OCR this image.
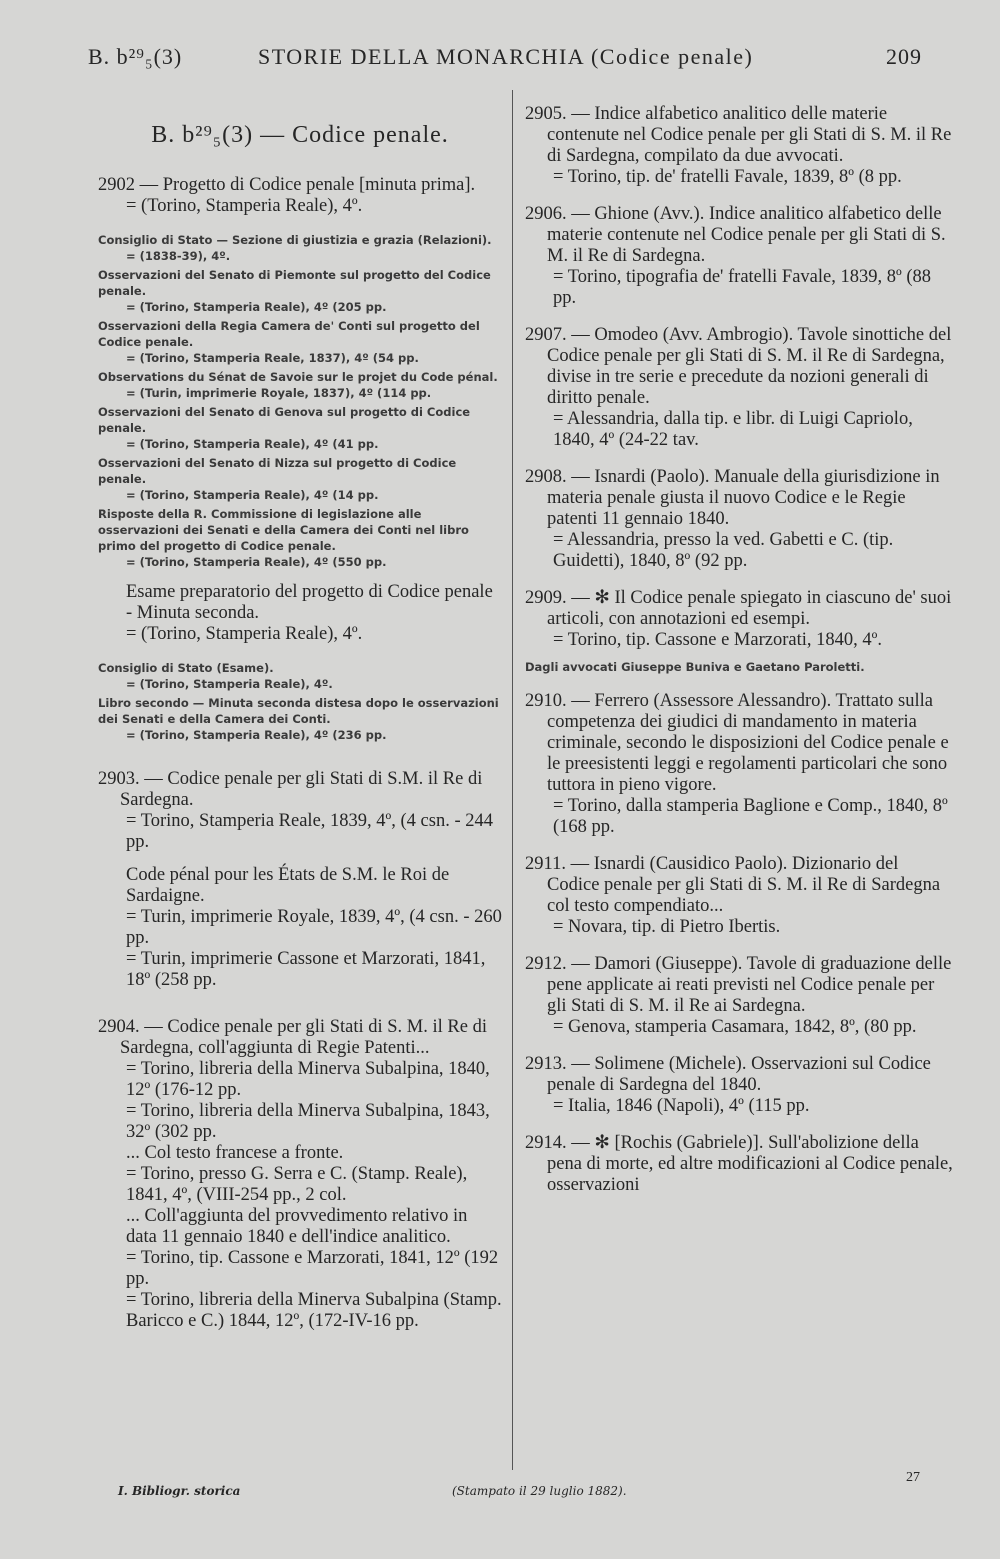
B. b²⁹₅(3)	STORIE DELLA MONARCHIA (Codice penale)	209
B. b²⁹₅(3) — Codice penale.

2902 — Progetto di Codice penale [minuta prima].

= (Torino, Stamperia Reale), 4º.

Consiglio di Stato — Sezione di giustizia e grazia (Relazioni).

= (1838-39), 4º.

Osservazioni del Senato di Piemonte sul progetto del Codice penale.

= (Torino, Stamperia Reale), 4º (205 pp.

Osservazioni della Regia Camera de' Conti sul progetto del Codice penale.

= (Torino, Stamperia Reale, 1837), 4º (54 pp.

Observations du Sénat de Savoie sur le projet du Code pénal.

= (Turin, imprimerie Royale, 1837), 4º (114 pp.

Osservazioni del Senato di Genova sul progetto di Codice penale.

= (Torino, Stamperia Reale), 4º (41 pp.

Osservazioni del Senato di Nizza sul progetto di Codice penale.

= (Torino, Stamperia Reale), 4º (14 pp.

Risposte della R. Commissione di legislazione alle osservazioni dei Senati e della Camera dei Conti nel libro primo del progetto di Codice penale.

= (Torino, Stamperia Reale), 4º (550 pp.

Esame preparatorio del progetto di Codice penale - Minuta seconda.

= (Torino, Stamperia Reale), 4º.

Consiglio di Stato (Esame).

= (Torino, Stamperia Reale), 4º.

Libro secondo — Minuta seconda distesa dopo le osservazioni dei Senati e della Camera dei Conti.

= (Torino, Stamperia Reale), 4º (236 pp.

2903. — Codice penale per gli Stati di S.M. il Re di Sardegna.

= Torino, Stamperia Reale, 1839, 4º, (4 csn. - 244 pp.

Code pénal pour les États de S.M. le Roi de Sardaigne.

= Turin, imprimerie Royale, 1839, 4º, (4 csn. - 260 pp.

= Turin, imprimerie Cassone et Marzorati, 1841, 18º (258 pp.

2904. — Codice penale per gli Stati di S. M. il Re di Sardegna, coll'aggiunta di Regie Patenti...

= Torino, libreria della Minerva Subalpina, 1840, 12º (176-12 pp.

= Torino, libreria della Minerva Subalpina, 1843, 32º (302 pp.

... Col testo francese a fronte.

= Torino, presso G. Serra e C. (Stamp. Reale), 1841, 4º, (VIII-254 pp., 2 col.

... Coll'aggiunta del provvedimento relativo in data 11 gennaio 1840 e dell'indice analitico.

= Torino, tip. Cassone e Marzorati, 1841, 12º (192 pp.

= Torino, libreria della Minerva Subalpina (Stamp. Baricco e C.) 1844, 12º, (172-IV-16 pp.

2905. — Indice alfabetico analitico delle materie contenute nel Codice penale per gli Stati di S. M. il Re di Sardegna, compilato da due avvocati.

= Torino, tip. de' fratelli Favale, 1839, 8º (8 pp.

2906. — Ghione (Avv.). Indice analitico alfabetico delle materie contenute nel Codice penale per gli Stati di S. M. il Re di Sardegna.

= Torino, tipografia de' fratelli Favale, 1839, 8º (88 pp.

2907. — Omodeo (Avv. Ambrogio). Tavole sinottiche del Codice penale per gli Stati di S. M. il Re di Sardegna, divise in tre serie e precedute da nozioni generali di diritto penale.

= Alessandria, dalla tip. e libr. di Luigi Capriolo, 1840, 4º (24-22 tav.

2908. — Isnardi (Paolo). Manuale della giurisdizione in materia penale giusta il nuovo Codice e le Regie patenti 11 gennaio 1840.

= Alessandria, presso la ved. Gabetti e C. (tip. Guidetti), 1840, 8º (92 pp.

2909. — ✻ Il Codice penale spiegato in ciascuno de' suoi articoli, con annotazioni ed esempi.

= Torino, tip. Cassone e Marzorati, 1840, 4º.

Dagli avvocati Giuseppe Buniva e Gaetano Paroletti.

2910. — Ferrero (Assessore Alessandro). Trattato sulla competenza dei giudici di mandamento in materia criminale, secondo le disposizioni del Codice penale e le preesistenti leggi e regolamenti particolari che sono tuttora in pieno vigore.

= Torino, dalla stamperia Baglione e Comp., 1840, 8º (168 pp.

2911. — Isnardi (Causidico Paolo). Dizionario del Codice penale per gli Stati di S. M. il Re di Sardegna col testo compendiato...

= Novara, tip. di Pietro Ibertis.

2912. — Damori (Giuseppe). Tavole di graduazione delle pene applicate ai reati previsti nel Codice penale per gli Stati di S. M. il Re ai Sardegna.

= Genova, stamperia Casamara, 1842, 8º, (80 pp.

2913. — Solimene (Michele). Osservazioni sul Codice penale di Sardegna del 1840.

= Italia, 1846 (Napoli), 4º (115 pp.

2914. — ✻ [Rochis (Gabriele)]. Sull'abolizione della pena di morte, ed altre modificazioni al Codice penale, osservazioni

I. Bibliogr. storica	(Stampato il 29 luglio 1882).
27
